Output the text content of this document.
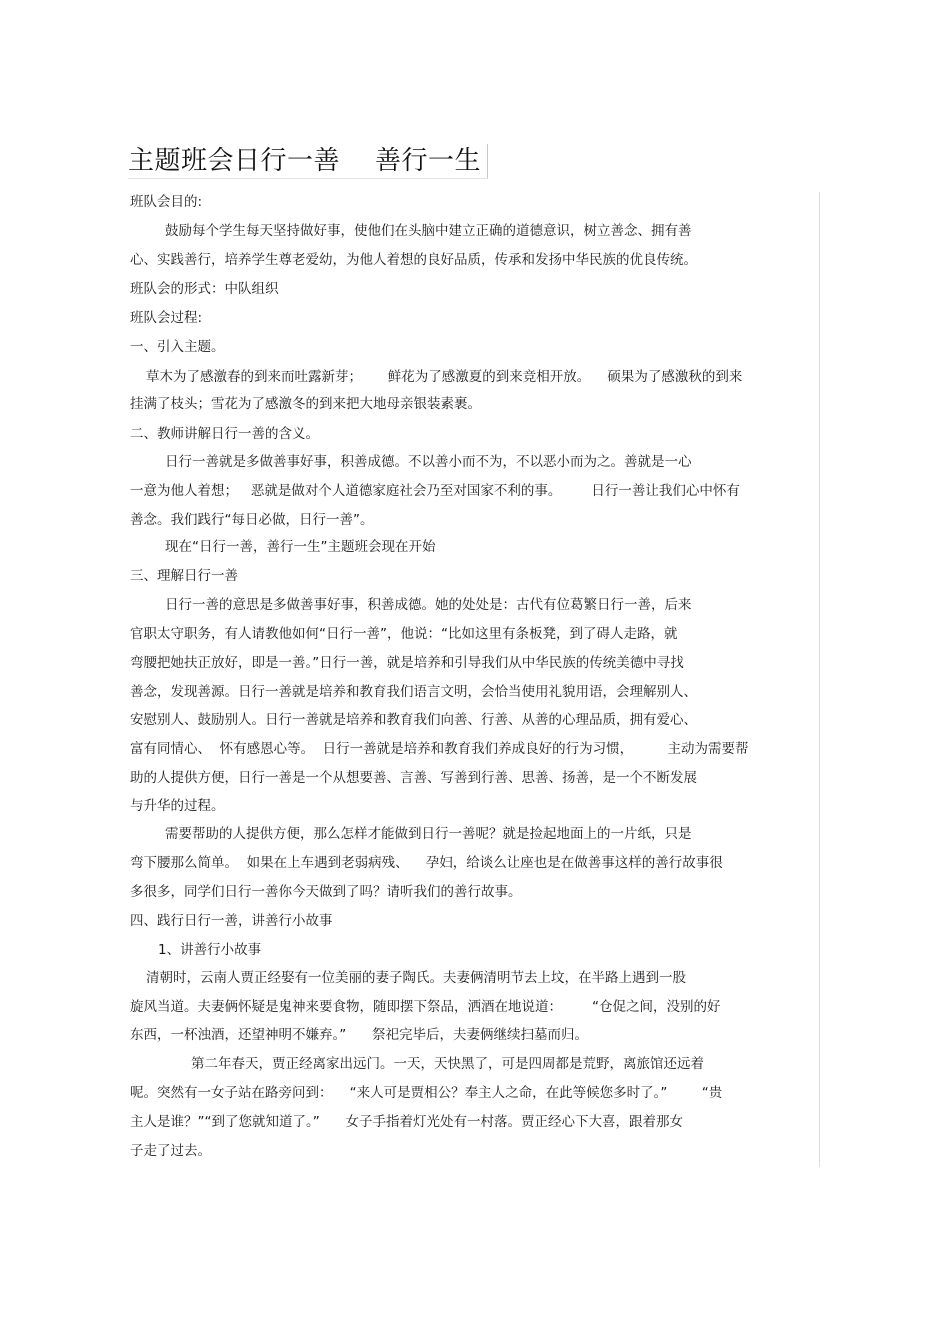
主题班会日行一善    善行一生
班队会目的:
鼓励每个学生每天坚持做好事，使他们在头脑中建立正确的道德意识，树立善念、拥有善
心、实践善行，培养学生尊老爱幼，为他人着想的良好品质，传承和发扬中华民族的优良传统。
班队会的形式：中队组织
班队会过程:
一、引入主题。
草木为了感激春的到来而吐露新芽；      鲜花为了感激夏的到来竞相开放。    硕果为了感激秋的到来
挂满了枝头；雪花为了感激冬的到来把大地母亲银装素裹。
二、教师讲解日行一善的含义。
日行一善就是多做善事好事，积善成德。不以善小而不为，不以恶小而为之。善就是一心
一意为他人着想；   恶就是做对个人道德家庭社会乃至对国家不利的事。       日行一善让我们心中怀有
善念。我们践行“每日必做，日行一善”。
现在“日行一善，善行一生”主题班会现在开始
三、理解日行一善
日行一善的意思是多做善事好事，积善成德。她的处处是：古代有位葛繁日行一善，后来
官职太守职务，有人请教他如何“日行一善”，他说：“比如这里有条板凳，到了碍人走路，就
弯腰把她扶正放好，即是一善。”日行一善，就是培养和引导我们从中华民族的传统美德中寻找
善念，发现善源。日行一善就是培养和教育我们语言文明，会恰当使用礼貌用语，会理解别人、
安慰别人、鼓励别人。日行一善就是培养和教育我们向善、行善、从善的心理品质，拥有爱心、
富有同情心、  怀有感恩心等。  日行一善就是培养和教育我们养成良好的行为习惯，        主动为需要帮
助的人提供方便，日行一善是一个从想要善、言善、写善到行善、思善、扬善，是一个不断发展
与升华的过程。
需要帮助的人提供方便，那么怎样才能做到日行一善呢？就是捡起地面上的一片纸，只是
弯下腰那么简单。  如果在上车遇到老弱病残、    孕妇，给谈么让座也是在做善事这样的善行故事很
多很多，同学们日行一善你今天做到了吗？请听我们的善行故事。
四、践行日行一善，讲善行小故事
1、讲善行小故事
清朝时，云南人贾正经娶有一位美丽的妻子陶氏。夫妻俩清明节去上坟，在半路上遇到一股
旋风当道。夫妻俩怀疑是鬼神来要食物，随即摆下祭品，洒酒在地说道：       “仓促之间，没别的好
东西，一杯浊酒，还望神明不嫌弃。”      祭祀完毕后，夫妻俩继续扫墓而归。
第二年春天，贾正经离家出远门。一天，天快黑了，可是四周都是荒野，离旅馆还远着
呢。突然有一女子站在路旁问到：    “来人可是贾相公？奉主人之命，在此等候您多时了。”        “贵
主人是谁？”“到了您就知道了。”      女子手指着灯光处有一村落。贾正经心下大喜，跟着那女
子走了过去。
